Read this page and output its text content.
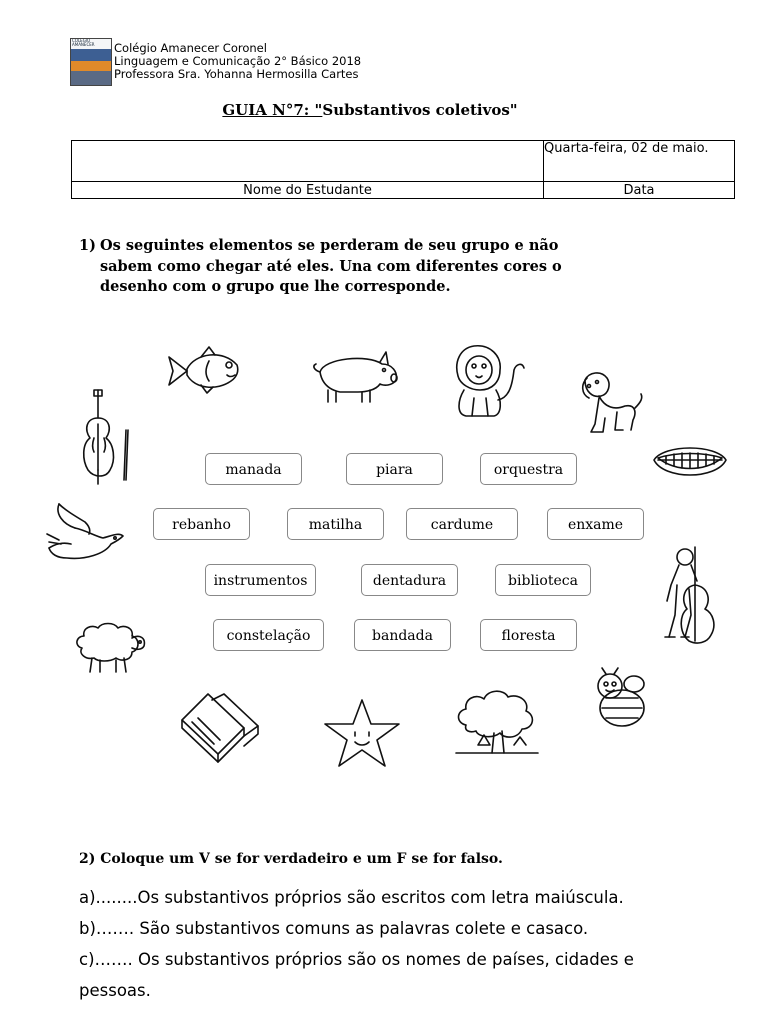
COLÉGIO AMANECER	Colégio Amanecer Coronel
Linguagem e Comunicação 2° Básico 2018
Professora Sra. Yohanna Hermosilla Cartes
GUIA N°7: "Substantivos coletivos"
	Quarta-feira, 02 de maio.
Nome do Estudante	Data
1) Os seguintes elementos se perderam de seu grupo e não sabem como chegar até eles. Una com diferentes cores o desenho com o grupo que lhe corresponde.
manada	piara	orquestra
rebanho	matilha	cardume	enxame
instrumentos	dentadura	biblioteca
constelação	bandada	floresta
2) Coloque um V se for verdadeiro e um F se for falso.
a)........Os substantivos próprios são escritos com letra maiúscula.
b)……. São substantivos comuns as palavras colete e casaco.
c)……. Os substantivos próprios são os nomes de países, cidades e
pessoas.
